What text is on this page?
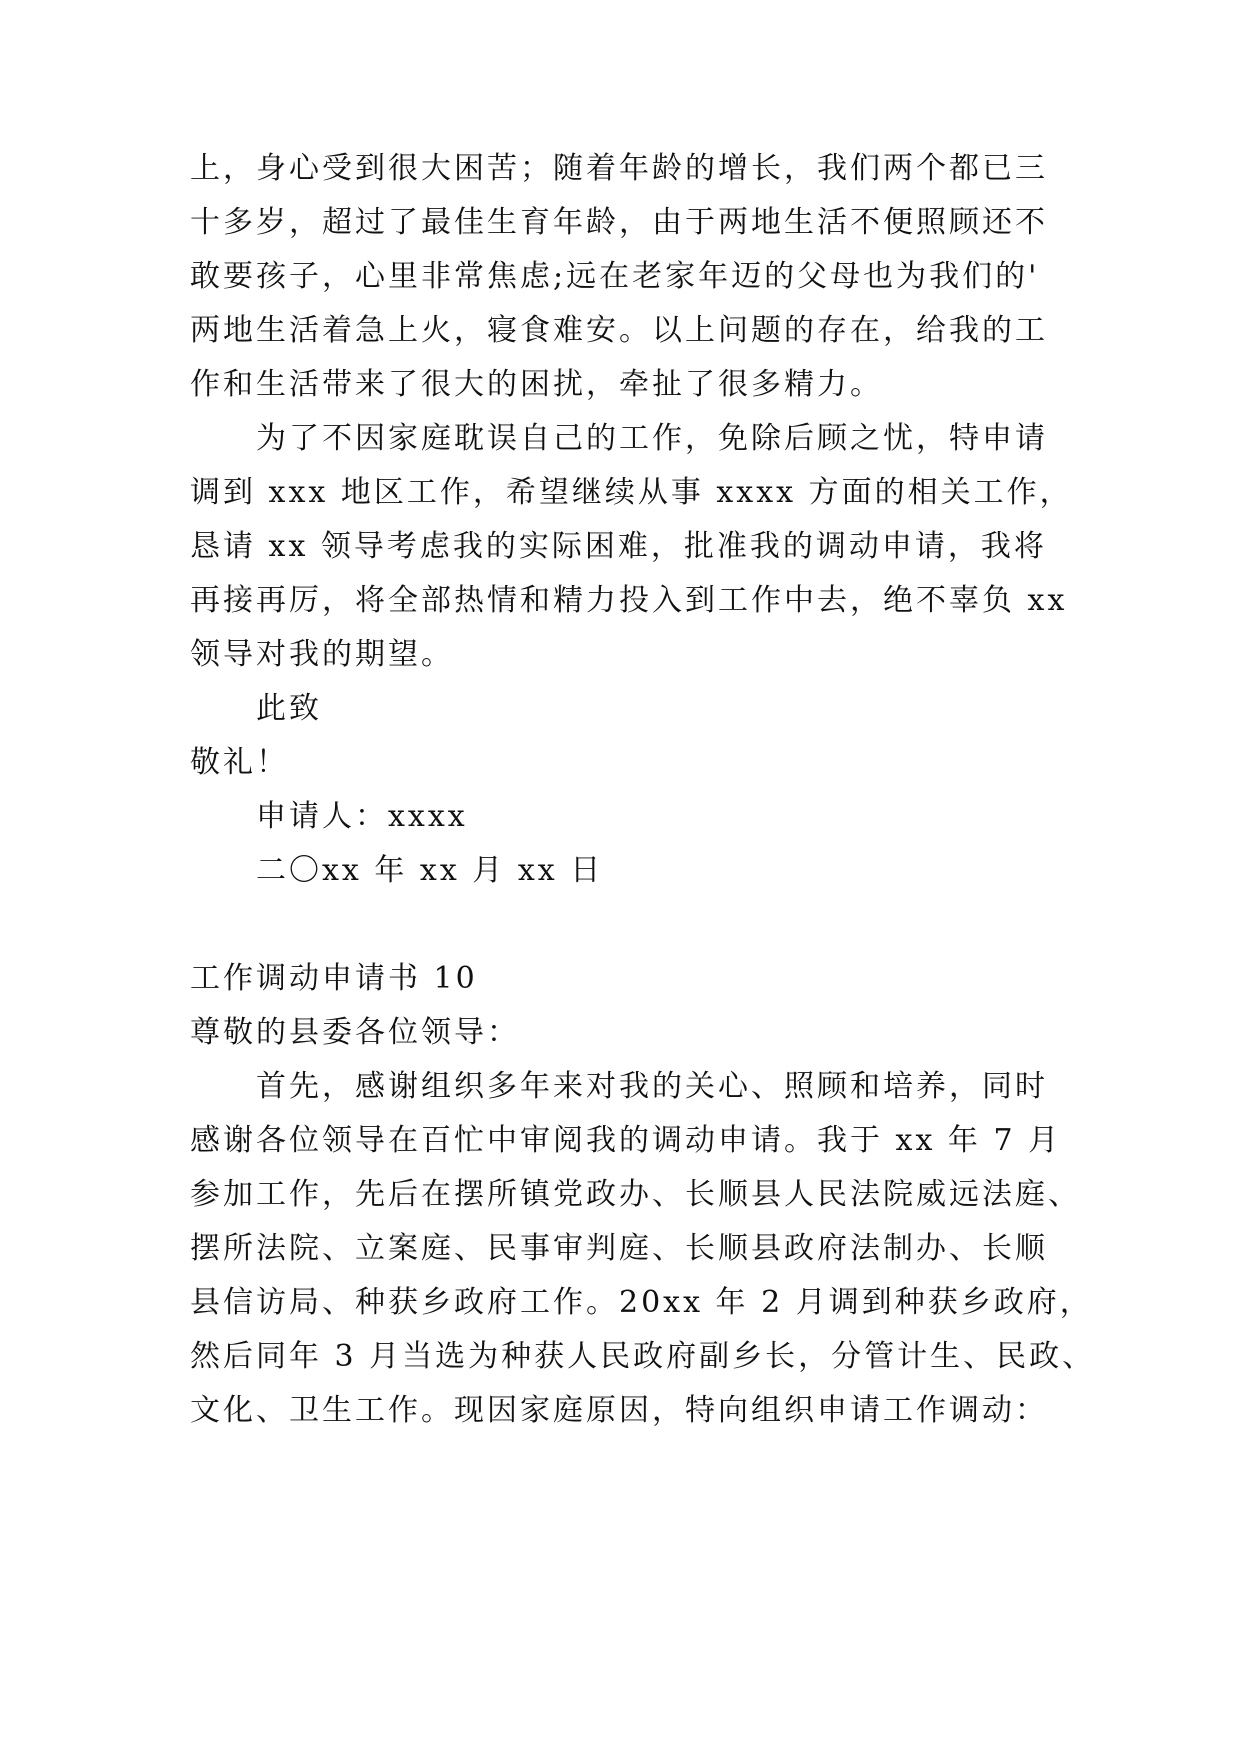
上，身心受到很大困苦；随着年龄的增长，我们两个都已三

十多岁，超过了最佳生育年龄，由于两地生活不便照顾还不

敢要孩子，心里非常焦虑;远在老家年迈的父母也为我们的'

两地生活着急上火，寝食难安。以上问题的存在，给我的工

作和生活带来了很大的困扰，牵扯了很多精力。

为了不因家庭耽误自己的工作，免除后顾之忧，特申请

调到 xxx 地区工作，希望继续从事 xxxx 方面的相关工作，

恳请 xx 领导考虑我的实际困难，批准我的调动申请，我将

再接再厉，将全部热情和精力投入到工作中去，绝不辜负 xx

领导对我的期望。

此致

敬礼！

申请人：xxxx

二〇xx 年 xx 月 xx 日

工作调动申请书 10

尊敬的县委各位领导：

首先，感谢组织多年来对我的关心、照顾和培养，同时

感谢各位领导在百忙中审阅我的调动申请。我于 xx 年 7 月

参加工作，先后在摆所镇党政办、长顺县人民法院威远法庭、

摆所法院、立案庭、民事审判庭、长顺县政府法制办、长顺

县信访局、种获乡政府工作。20xx 年 2 月调到种获乡政府，

然后同年 3 月当选为种获人民政府副乡长，分管计生、民政、

文化、卫生工作。现因家庭原因，特向组织申请工作调动：
